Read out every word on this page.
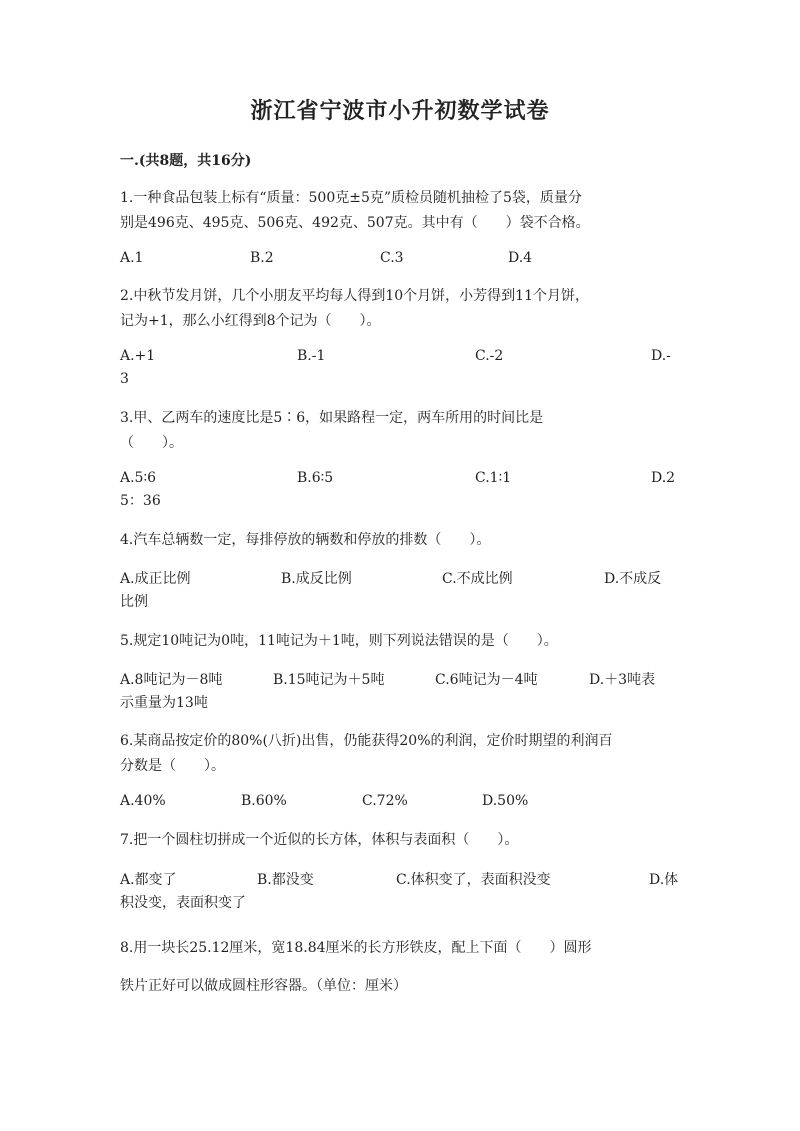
浙江省宁波市小升初数学试卷
一.(共8题，共16分)

1.一种食品包装上标有“质量：500克±5克”质检员随机抽检了5袋，质量分

别是496克、495克、506克、492克、507克。其中有（　　）袋不合格。

A.1	B.2	C.3	D.4

2.中秋节发月饼，几个小朋友平均每人得到10个月饼，小芳得到11个月饼，

记为+1，那么小红得到8个记为（　　）。

A.+1	B.-1	C.-2	D.-
3

3.甲、乙两车的速度比是5∶6，如果路程一定，两车所用的时间比是

（　　）。

A.5∶6	B.6∶5	C.1∶1	D.2
5：36

4.汽车总辆数一定，每排停放的辆数和停放的排数（　　）。

A.成正比例	B.成反比例	C.不成比例	D.不成反
比例

5.规定10吨记为0吨，11吨记为＋1吨，则下列说法错误的是（　　）。

A.8吨记为－8吨	B.15吨记为＋5吨	C.6吨记为－4吨	D.＋3吨表
示重量为13吨

6.某商品按定价的80%(八折)出售，仍能获得20%的利润，定价时期望的利润百

分数是（　　）。

A.40%	B.60%	C.72%	D.50%

7.把一个圆柱切拼成一个近似的长方体，体积与表面积（　　）。

A.都变了	B.都没变	C.体积变了，表面积没变	D.体
积没变，表面积变了

8.用一块长25.12厘米，宽18.84厘米的长方形铁皮，配上下面（　　）圆形

铁片正好可以做成圆柱形容器。（单位：厘米）
